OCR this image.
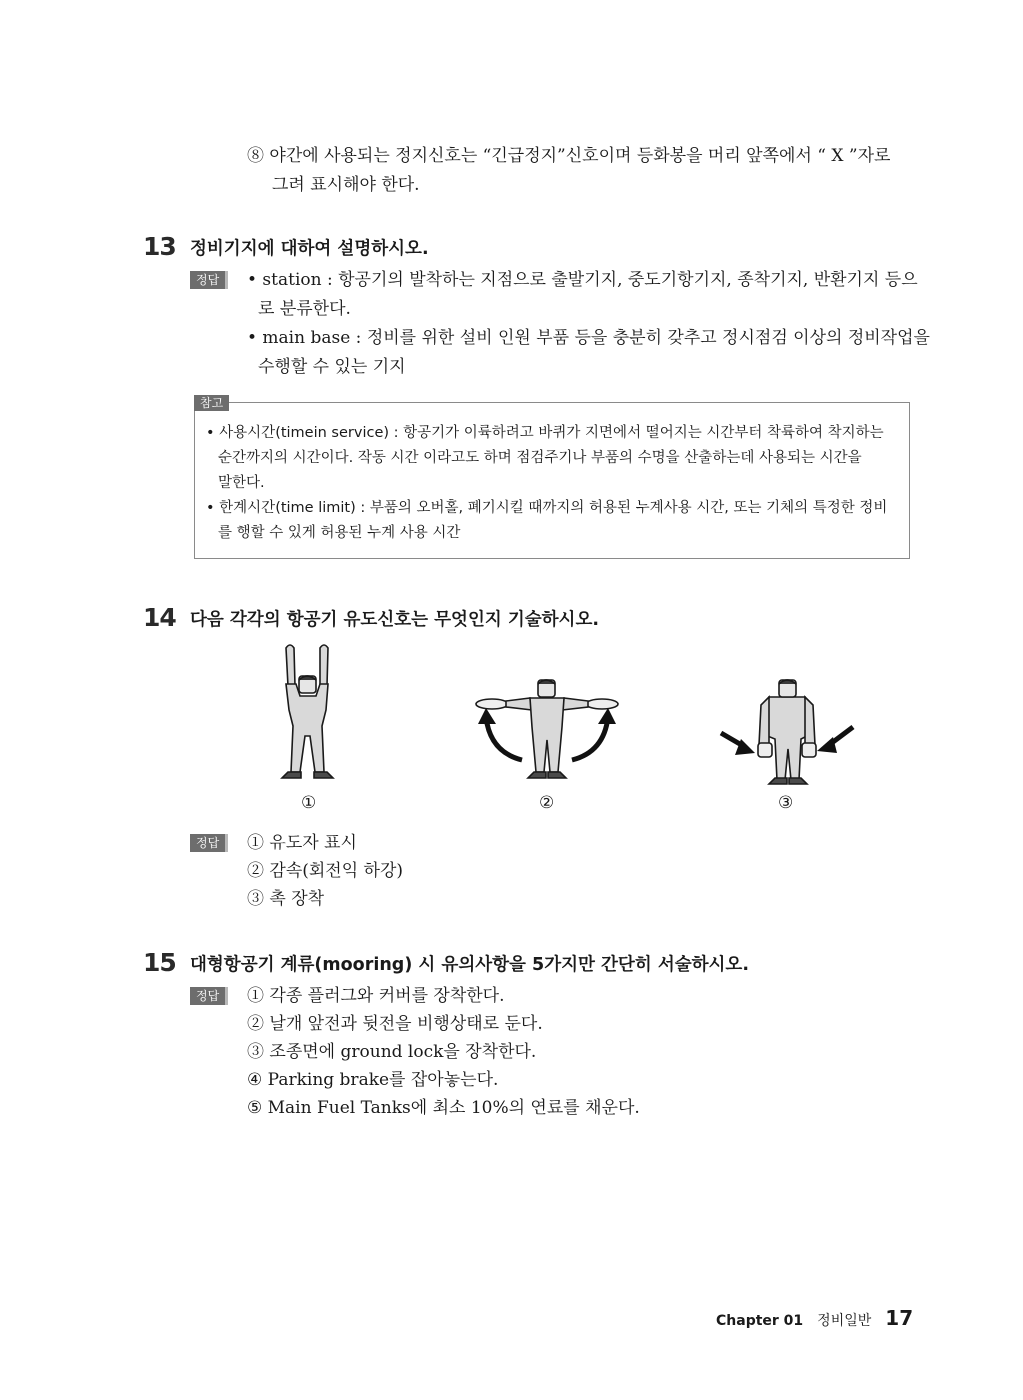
⑧ 야간에 사용되는 정지신호는 “긴급정지”신호이며 등화봉을 머리 앞쪽에서 “ X ”자로
그려 표시해야 한다.
13 정비기지에 대하여 설명하시오.
정답	• station : 항공기의 발착하는 지점으로 출발기지, 중도기항기지, 종착기지, 반환기지 등으
로 분류한다.
• main base : 정비를 위한 설비 인원 부품 등을 충분히 갖추고 정시점검 이상의 정비작업을
수행할 수 있는 기지
참고
• 사용시간(timein service) : 항공기가 이륙하려고 바퀴가 지면에서 떨어지는 시간부터 착륙하여 착지하는
순간까지의 시간이다. 작동 시간 이라고도 하며 점검주기나 부품의 수명을 산출하는데 사용되는 시간을
말한다.
• 한계시간(time limit) : 부품의 오버홀, 폐기시킬 때까지의 허용된 누계사용 시간, 또는 기체의 특정한 정비
를 행할 수 있게 허용된 누계 사용 시간
14 다음 각각의 항공기 유도신호는 무엇인지 기술하시오.
①	②	③
정답	① 유도자 표시
② 감속(회전익 하강)
③ 촉 장착
15 대형항공기 계류(mooring) 시 유의사항을 5가지만 간단히 서술하시오.
정답	① 각종 플러그와 커버를 장착한다.
② 날개 앞전과 뒷전을 비행상태로 둔다.
③ 조종면에 ground lock을 장착한다.
④ Parking brake를 잡아놓는다.
⑤ Main Fuel Tanks에 최소 10%의 연료를 채운다.
Chapter 01 정비일반 17
